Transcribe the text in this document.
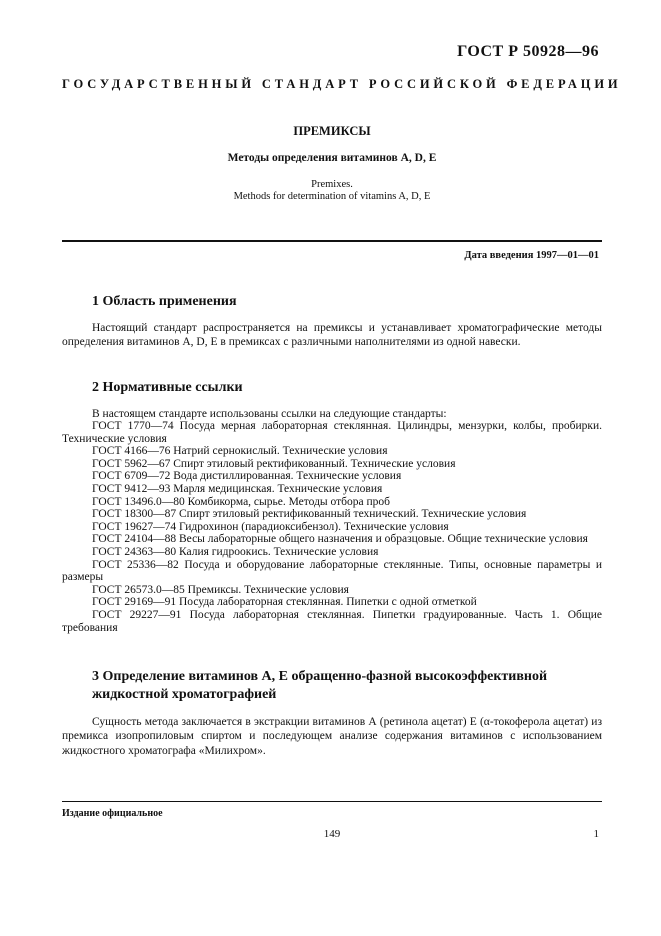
ГОСТ Р 50928—96
ГОСУДАРСТВЕННЫЙ СТАНДАРТ РОССИЙСКОЙ ФЕДЕРАЦИИ
ПРЕМИКСЫ
Методы определения витаминов А, D, Е
Premixes.
Methods for determination of vitamins A, D, E
Дата введения 1997—01—01
1 Область применения
Настоящий стандарт распространяется на премиксы и устанавливает хроматографические методы определения витаминов А, D, Е в премиксах с различными наполнителями из одной навески.
2 Нормативные ссылки
В настоящем стандарте использованы ссылки на следующие стандарты:
ГОСТ 1770—74 Посуда мерная лабораторная стеклянная. Цилиндры, мензурки, колбы, пробирки. Технические условия
ГОСТ 4166—76 Натрий сернокислый. Технические условия
ГОСТ 5962—67 Спирт этиловый ректификованный. Технические условия
ГОСТ 6709—72 Вода дистиллированная. Технические условия
ГОСТ 9412—93 Марля медицинская. Технические условия
ГОСТ 13496.0—80 Комбикорма, сырье. Методы отбора проб
ГОСТ 18300—87 Спирт этиловый ректификованный технический. Технические условия
ГОСТ 19627—74 Гидрохинон (парадиоксибензол). Технические условия
ГОСТ 24104—88 Весы лабораторные общего назначения и образцовые. Общие технические условия
ГОСТ 24363—80 Калия гидроокись. Технические условия
ГОСТ 25336—82 Посуда и оборудование лабораторные стеклянные. Типы, основные параметры и размеры
ГОСТ 26573.0—85 Премиксы. Технические условия
ГОСТ 29169—91 Посуда лабораторная стеклянная. Пипетки с одной отметкой
ГОСТ 29227—91 Посуда лабораторная стеклянная. Пипетки градуированные. Часть 1. Общие требования
3 Определение витаминов А, Е обращенно-фазной высокоэффективной жидкостной хроматографией
Сущность метода заключается в экстракции витаминов А (ретинола ацетат) Е (α-токоферола ацетат) из премикса изопропиловым спиртом и последующем анализе содержания витаминов с использованием жидкостного хроматографа «Милихром».
Издание официальное
149	1
